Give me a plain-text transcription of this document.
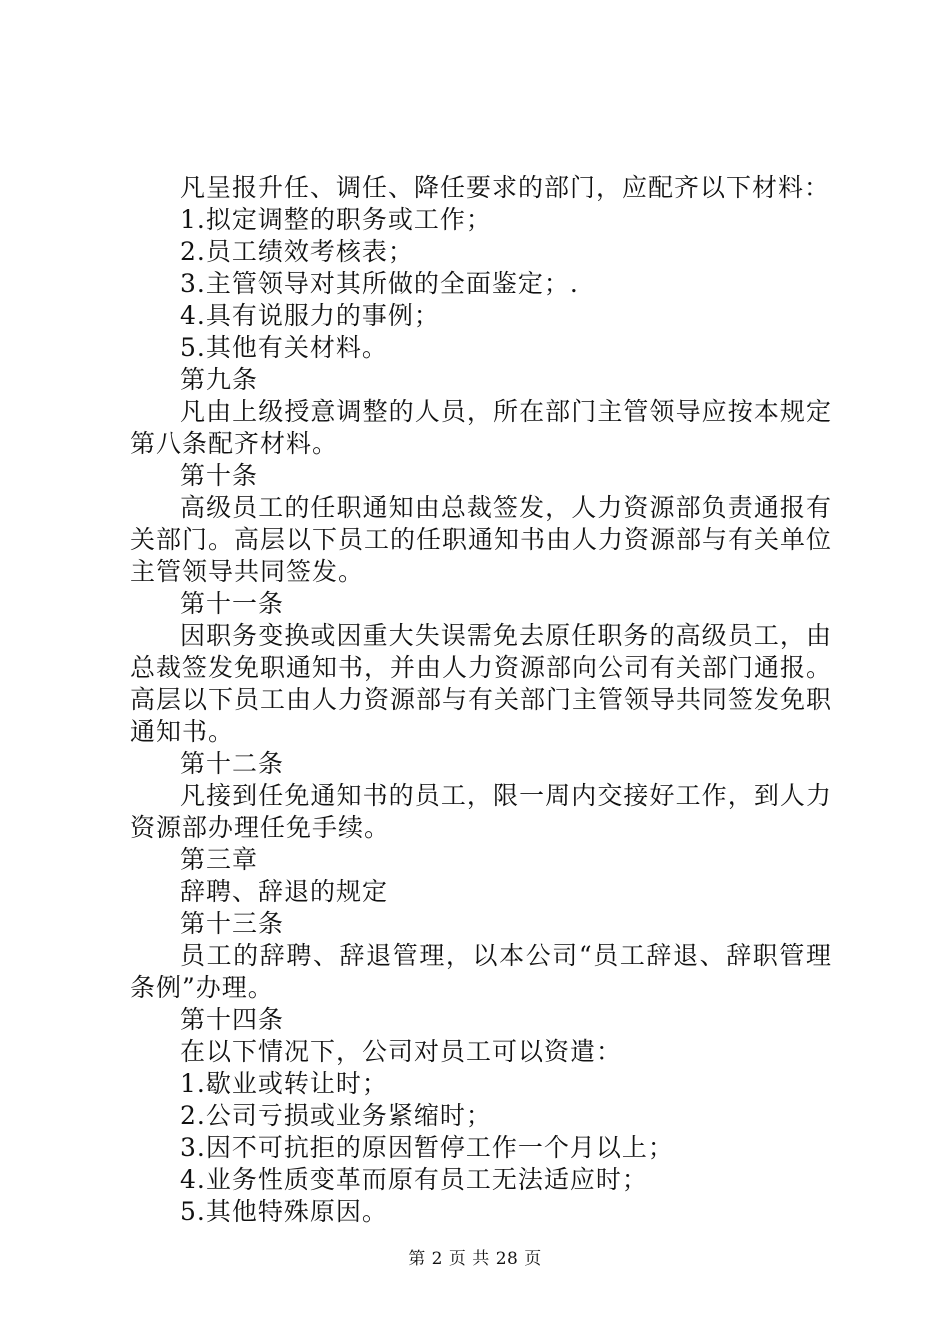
凡呈报升任、调任、降任要求的部门，应配齐以下材料：

1.拟定调整的职务或工作；

2.员工绩效考核表；

3.主管领导对其所做的全面鉴定；.

4.具有说服力的事例；

5.其他有关材料。

第九条

凡由上级授意调整的人员，所在部门主管领导应按本规定第八条配齐材料。

第十条

高级员工的任职通知由总裁签发，人力资源部负责通报有关部门。高层以下员工的任职通知书由人力资源部与有关单位主管领导共同签发。

第十一条

因职务变换或因重大失误需免去原任职务的高级员工，由总裁签发免职通知书，并由人力资源部向公司有关部门通报。高层以下员工由人力资源部与有关部门主管领导共同签发免职通知书。

第十二条

凡接到任免通知书的员工，限一周内交接好工作，到人力资源部办理任免手续。

第三章

辞聘、辞退的规定

第十三条

员工的辞聘、辞退管理，以本公司“员工辞退、辞职管理条例”办理。

第十四条

在以下情况下，公司对员工可以资遣：

1.歇业或转让时；

2.公司亏损或业务紧缩时；

3.因不可抗拒的原因暂停工作一个月以上；

4.业务性质变革而原有员工无法适应时；

5.其他特殊原因。

第 2 页 共 28 页
